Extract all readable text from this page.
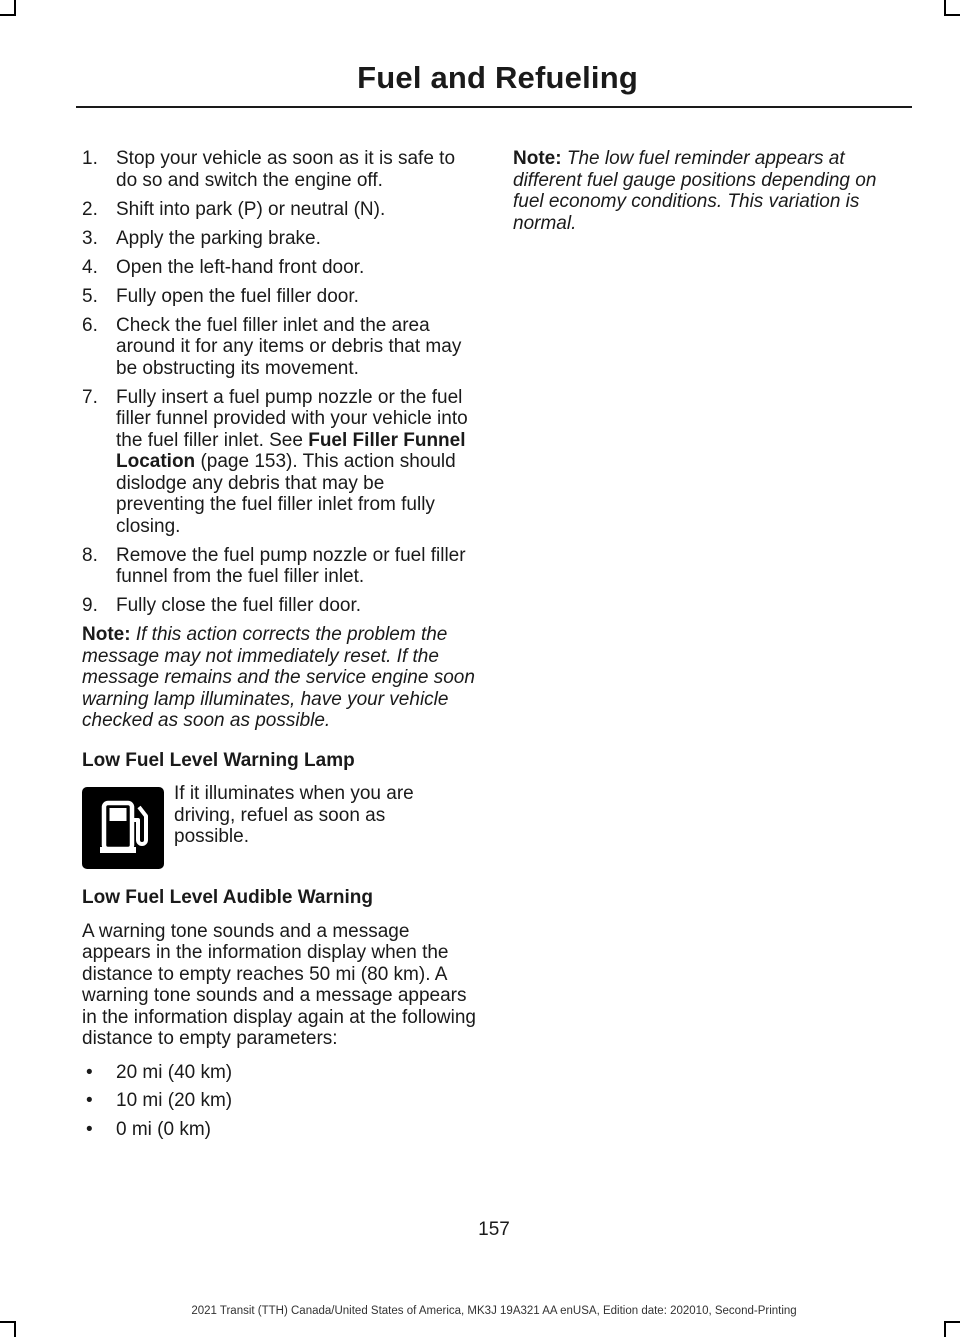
Fuel and Refueling
1. Stop your vehicle as soon as it is safe to do so and switch the engine off.
2. Shift into park (P) or neutral (N).
3. Apply the parking brake.
4. Open the left-hand front door.
5. Fully open the fuel filler door.
6. Check the fuel filler inlet and the area around it for any items or debris that may be obstructing its movement.
7. Fully insert a fuel pump nozzle or the fuel filler funnel provided with your vehicle into the fuel filler inlet. See Fuel Filler Funnel Location (page 153). This action should dislodge any debris that may be preventing the fuel filler inlet from fully closing.
8. Remove the fuel pump nozzle or fuel filler funnel from the fuel filler inlet.
9. Fully close the fuel filler door.

Note: If this action corrects the problem the message may not immediately reset. If the message remains and the service engine soon warning lamp illuminates, have your vehicle checked as soon as possible.

Low Fuel Level Warning Lamp
If it illuminates when you are driving, refuel as soon as possible.
Low Fuel Level Audible Warning

A warning tone sounds and a message appears in the information display when the distance to empty reaches 50 mi (80 km). A warning tone sounds and a message appears in the information display again at the following distance to empty parameters:

• 20 mi (40 km)
• 10 mi (20 km)
• 0 mi (0 km)

Note: The low fuel reminder appears at different fuel gauge positions depending on fuel economy conditions. This variation is normal.

157
2021 Transit (TTH) Canada/United States of America, MK3J 19A321 AA enUSA, Edition date: 202010, Second-Printing
